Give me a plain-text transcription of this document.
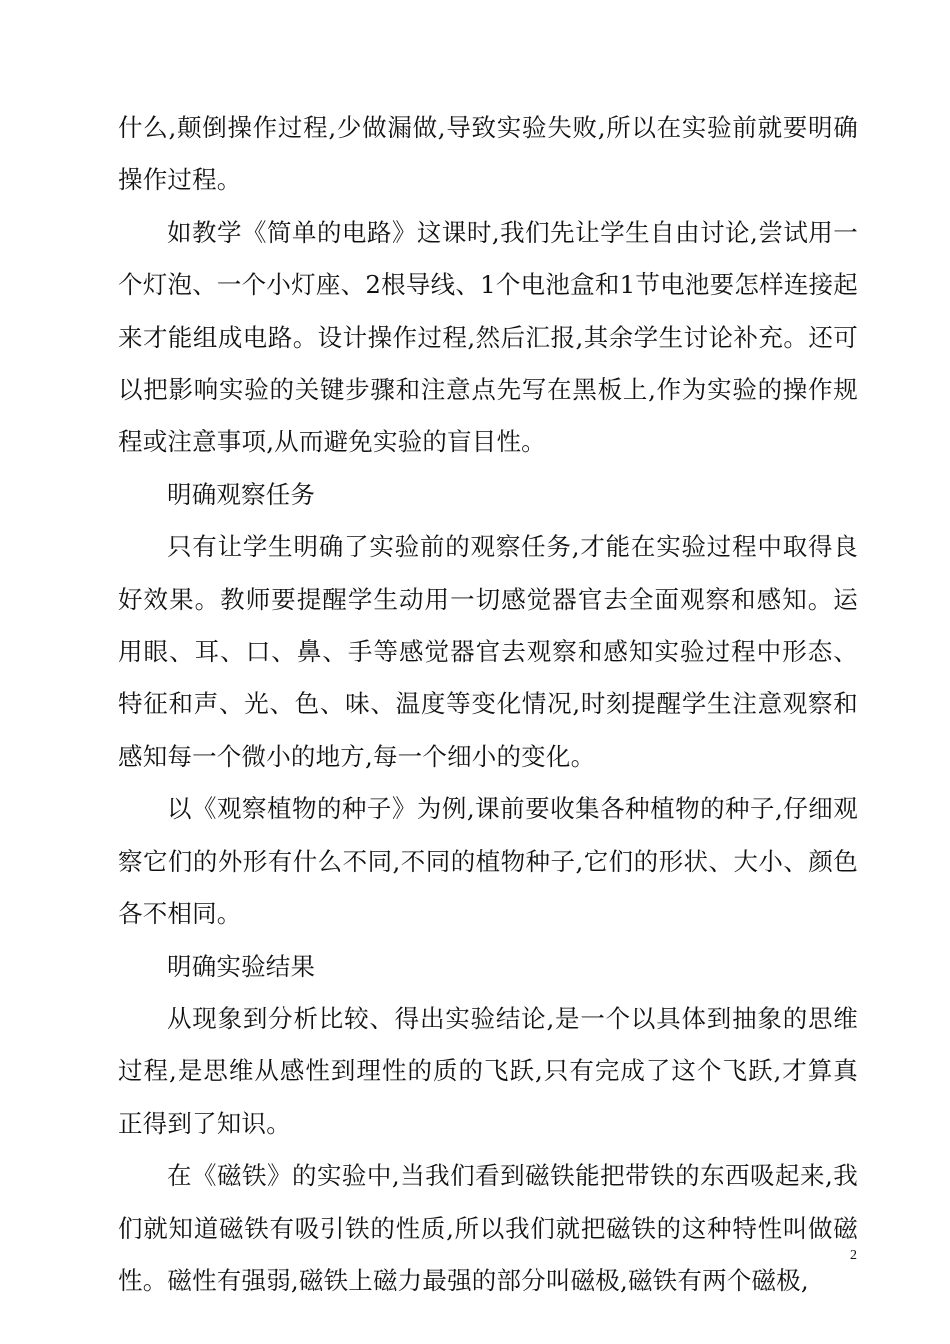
什么,颠倒操作过程,少做漏做,导致实验失败,所以在实验前就要明确操作过程。

如教学《简单的电路》这课时,我们先让学生自由讨论,尝试用一个灯泡、一个小灯座、2根导线、1个电池盒和1节电池要怎样连接起来才能组成电路。设计操作过程,然后汇报,其余学生讨论补充。还可以把影响实验的关键步骤和注意点先写在黑板上,作为实验的操作规程或注意事项,从而避免实验的盲目性。

明确观察任务

只有让学生明确了实验前的观察任务,才能在实验过程中取得良好效果。教师要提醒学生动用一切感觉器官去全面观察和感知。运用眼、耳、口、鼻、手等感觉器官去观察和感知实验过程中形态、特征和声、光、色、味、温度等变化情况,时刻提醒学生注意观察和感知每一个微小的地方,每一个细小的变化。

以《观察植物的种子》为例,课前要收集各种植物的种子,仔细观察它们的外形有什么不同,不同的植物种子,它们的形状、大小、颜色各不相同。

明确实验结果

从现象到分析比较、得出实验结论,是一个以具体到抽象的思维过程,是思维从感性到理性的质的飞跃,只有完成了这个飞跃,才算真正得到了知识。

在《磁铁》的实验中,当我们看到磁铁能把带铁的东西吸起来,我们就知道磁铁有吸引铁的性质,所以我们就把磁铁的这种特性叫做磁性。磁性有强弱,磁铁上磁力最强的部分叫磁极,磁铁有两个磁极,

2
